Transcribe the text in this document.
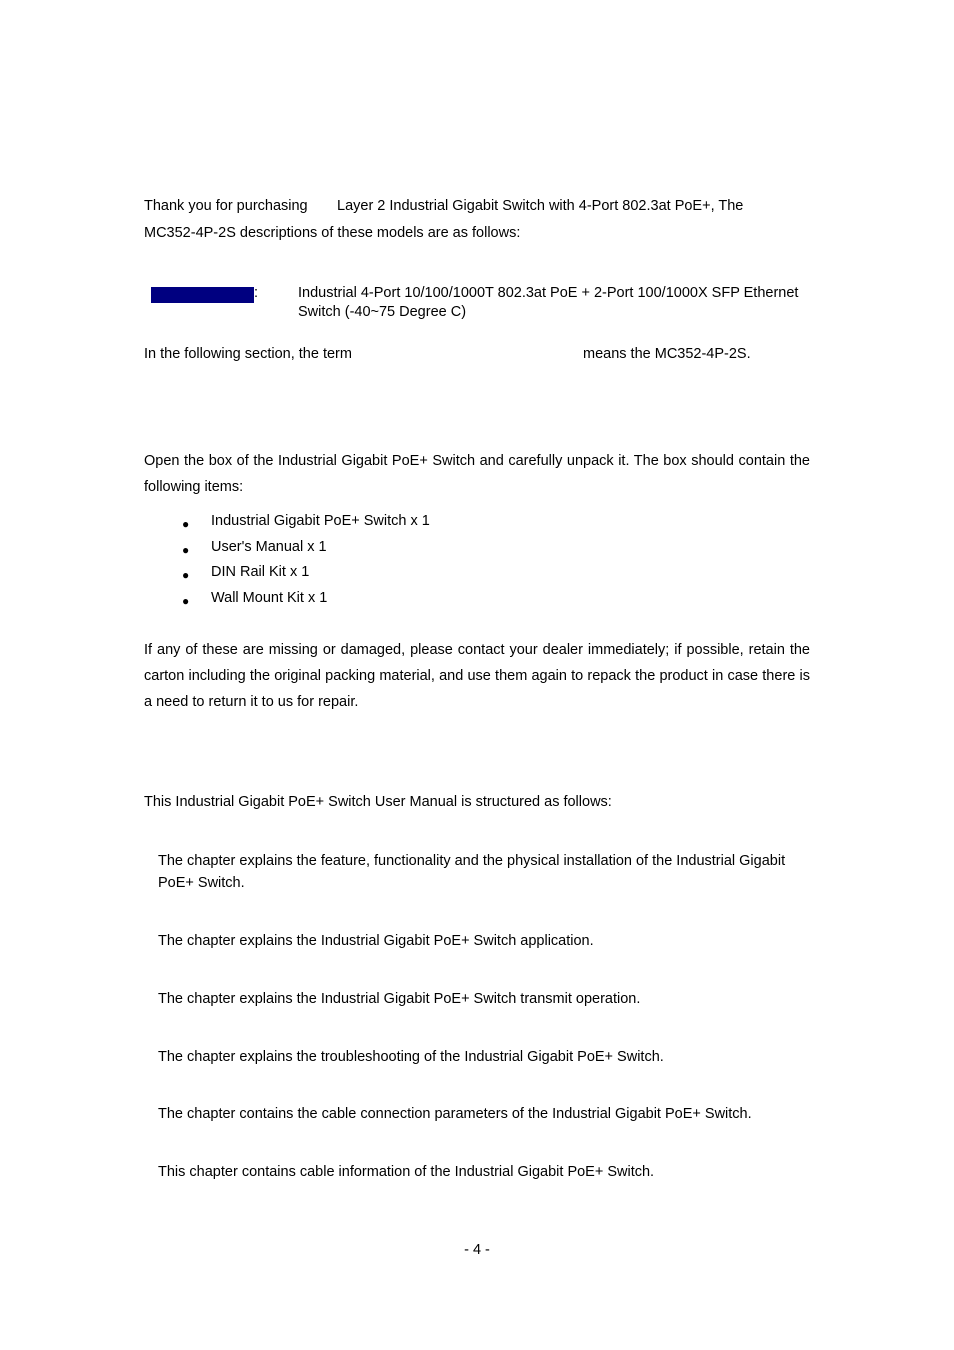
Thank you for purchasing Layer 2 Industrial Gigabit Switch with 4-Port 802.3at PoE+, The
MC352-4P-2S descriptions of these models are as follows:
:	Industrial 4-Port 10/100/1000T 802.3at PoE + 2-Port 100/1000X SFP Ethernet
Switch (-40~75 Degree C)
In the following section, the term	means the MC352-4P-2S.
Open the box of the Industrial Gigabit PoE+ Switch and carefully unpack it. The box should contain the following items:
● Industrial Gigabit PoE+ Switch x 1
● User's Manual x 1
● DIN Rail Kit x 1
● Wall Mount Kit x 1
If any of these are missing or damaged, please contact your dealer immediately; if possible, retain the carton including the original packing material, and use them again to repack the product in case there is a need to return it to us for repair.
This Industrial Gigabit PoE+ Switch User Manual is structured as follows:
The chapter explains the feature, functionality and the physical installation of the Industrial Gigabit PoE+ Switch.
The chapter explains the Industrial Gigabit PoE+ Switch application.
The chapter explains the Industrial Gigabit PoE+ Switch transmit operation.
The chapter explains the troubleshooting of the Industrial Gigabit PoE+ Switch.
The chapter contains the cable connection parameters of the Industrial Gigabit PoE+ Switch.
This chapter contains cable information of the Industrial Gigabit PoE+ Switch.
- 4 -
